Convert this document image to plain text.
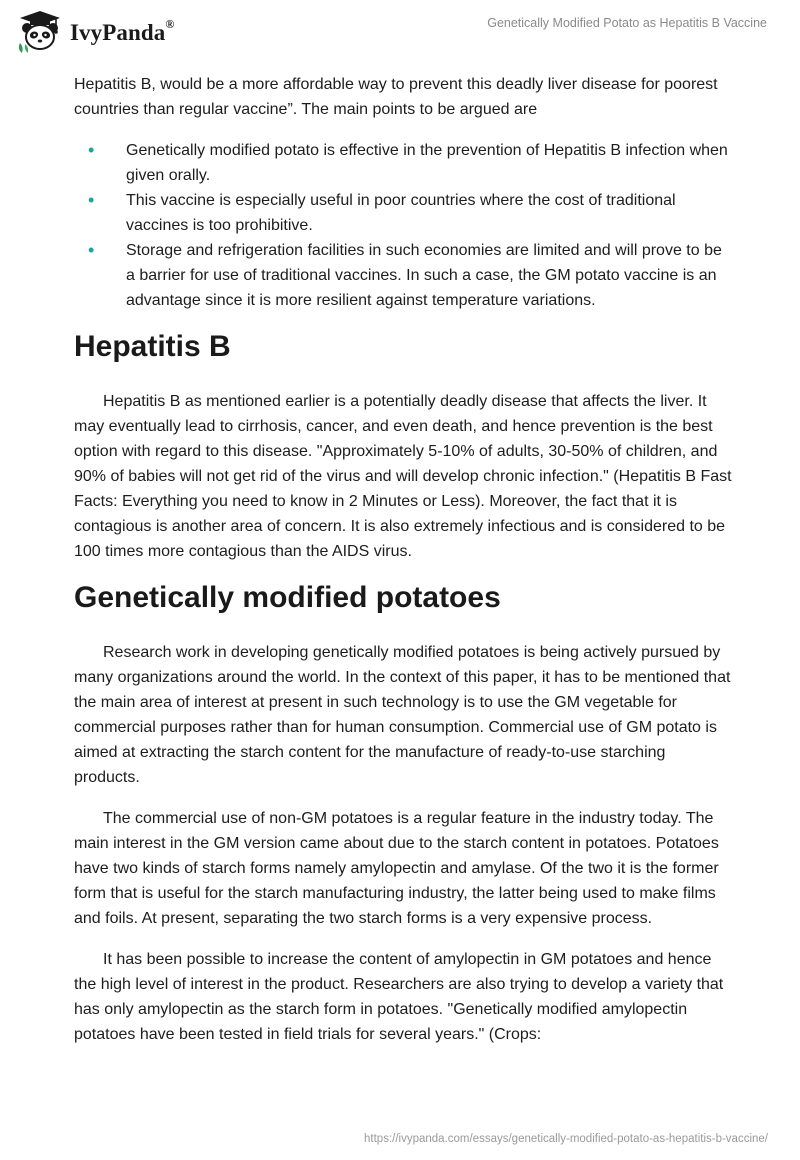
IvyPanda®	Genetically Modified Potato as Hepatitis B Vaccine

Hepatitis B, would be a more affordable way to prevent this deadly liver disease for poorest countries than regular vaccine”. The main points to be argued are

• Genetically modified potato is effective in the prevention of Hepatitis B infection when given orally.
• This vaccine is especially useful in poor countries where the cost of traditional vaccines is too prohibitive.
• Storage and refrigeration facilities in such economies are limited and will prove to be a barrier for use of traditional vaccines. In such a case, the GM potato vaccine is an advantage since it is more resilient against temperature variations.
Hepatitis B

Hepatitis B as mentioned earlier is a potentially deadly disease that affects the liver. It may eventually lead to cirrhosis, cancer, and even death, and hence prevention is the best option with regard to this disease. "Approximately 5-10% of adults, 30-50% of children, and 90% of babies will not get rid of the virus and will develop chronic infection." (Hepatitis B Fast Facts: Everything you need to know in 2 Minutes or Less). Moreover, the fact that it is contagious is another area of concern. It is also extremely infectious and is considered to be 100 times more contagious than the AIDS virus.

Genetically modified potatoes

Research work in developing genetically modified potatoes is being actively pursued by many organizations around the world. In the context of this paper, it has to be mentioned that the main area of interest at present in such technology is to use the GM vegetable for commercial purposes rather than for human consumption. Commercial use of GM potato is aimed at extracting the starch content for the manufacture of ready-to-use starching products.

The commercial use of non-GM potatoes is a regular feature in the industry today. The main interest in the GM version came about due to the starch content in potatoes. Potatoes have two kinds of starch forms namely amylopectin and amylase. Of the two it is the former form that is useful for the starch manufacturing industry, the latter being used to make films and foils. At present, separating the two starch forms is a very expensive process.

It has been possible to increase the content of amylopectin in GM potatoes and hence the high level of interest in the product. Researchers are also trying to develop a variety that has only amylopectin as the starch form in potatoes. "Genetically modified amylopectin potatoes have been tested in field trials for several years." (Crops:

https://ivypanda.com/essays/genetically-modified-potato-as-hepatitis-b-vaccine/
